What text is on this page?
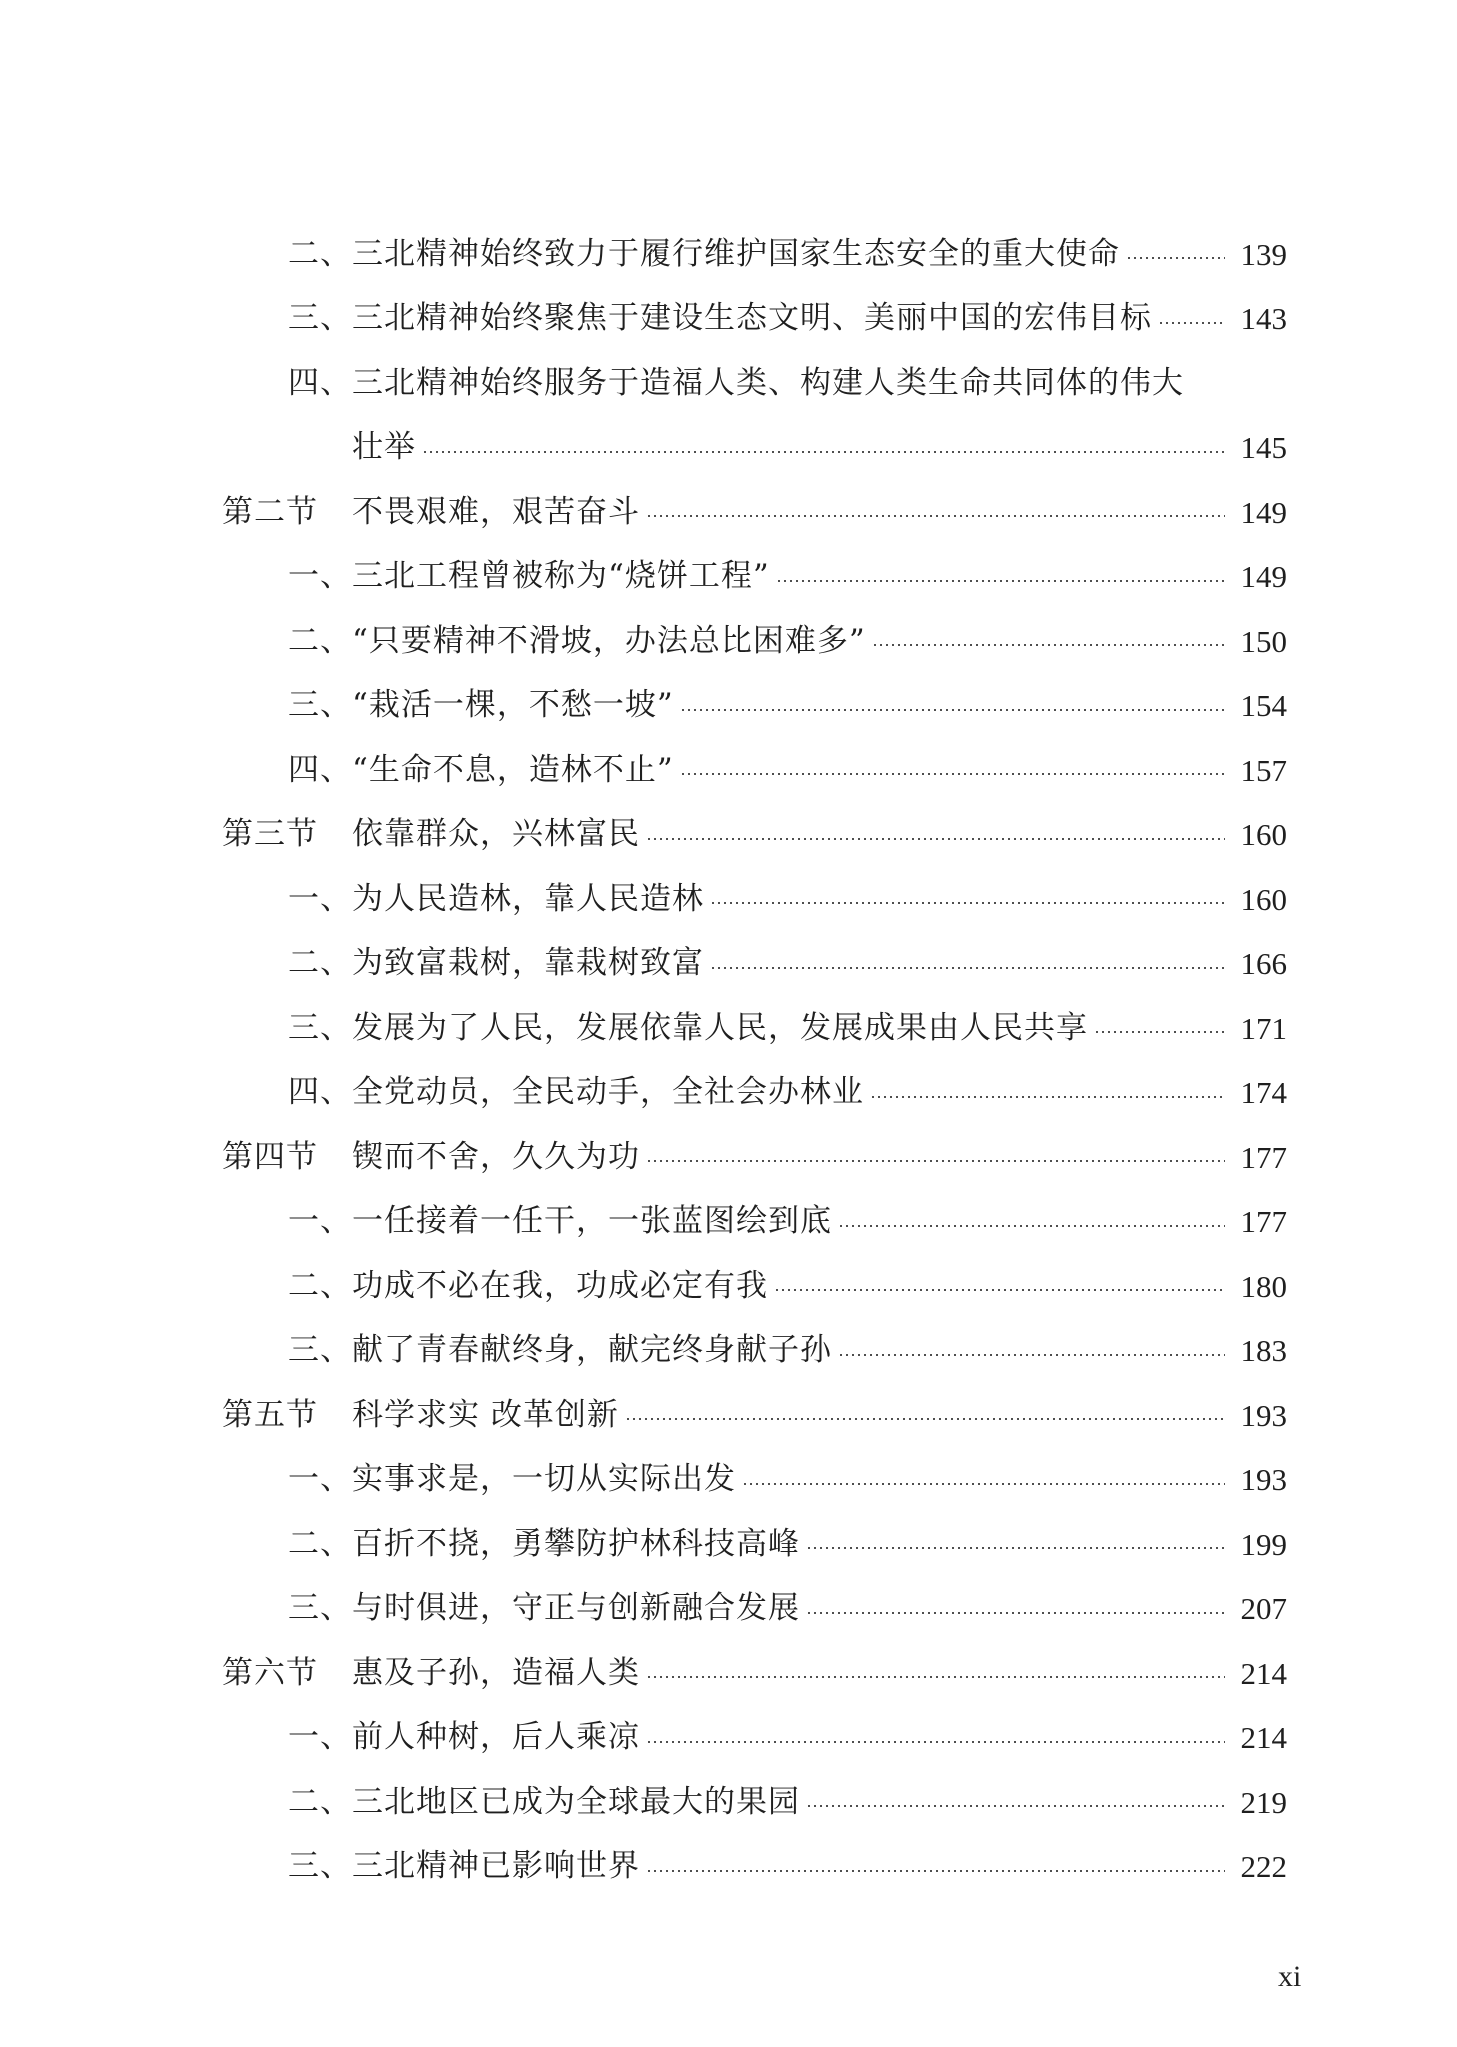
二、三北精神始终致力于履行维护国家生态安全的重大使命	139
三、三北精神始终聚焦于建设生态文明、美丽中国的宏伟目标	143
四、三北精神始终服务于造福人类、构建人类生命共同体的伟大
壮举	145
第二节 不畏艰难，艰苦奋斗	149
一、三北工程曾被称为“烧饼工程”	149
二、“只要精神不滑坡，办法总比困难多”	150
三、“栽活一棵，不愁一坡”	154
四、“生命不息，造林不止”	157
第三节 依靠群众，兴林富民	160
一、为人民造林，靠人民造林	160
二、为致富栽树，靠栽树致富	166
三、发展为了人民，发展依靠人民，发展成果由人民共享	171
四、全党动员，全民动手，全社会办林业	174
第四节 锲而不舍，久久为功	177
一、一任接着一任干，一张蓝图绘到底	177
二、功成不必在我，功成必定有我	180
三、献了青春献终身，献完终身献子孙	183
第五节 科学求实 改革创新	193
一、实事求是，一切从实际出发	193
二、百折不挠，勇攀防护林科技高峰	199
三、与时俱进，守正与创新融合发展	207
第六节 惠及子孙，造福人类	214
一、前人种树，后人乘凉	214
二、三北地区已成为全球最大的果园	219
三、三北精神已影响世界	222
xi
